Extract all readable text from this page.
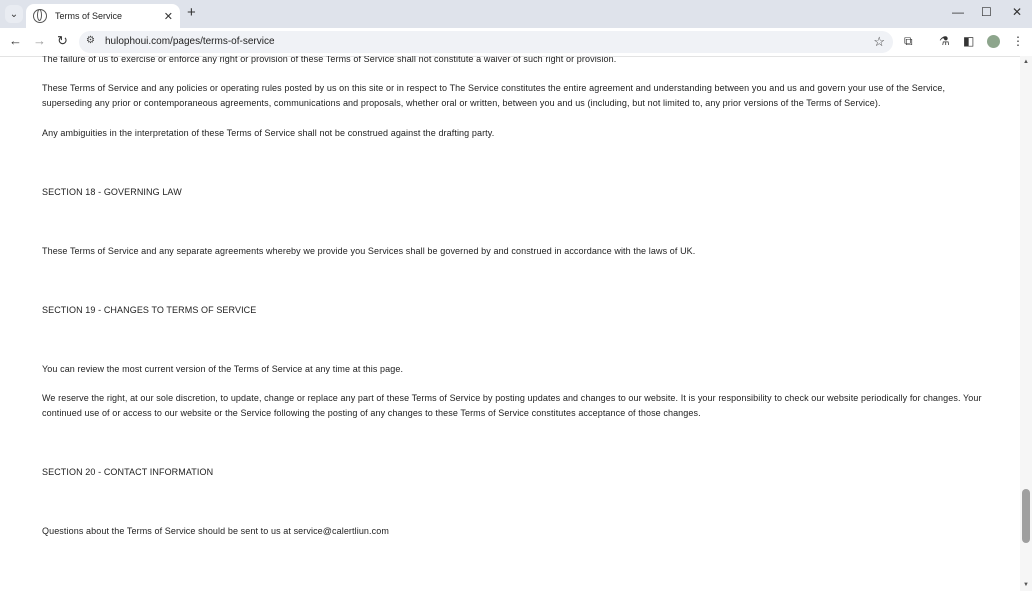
⌄	Terms of Service	✕ +	— ☐ ✕
← → ↻ ⚙ hulophoui.com/pages/terms-of-service	☆ ⧉ ⚗ ◧	⋮

The failure of us to exercise or enforce any right or provision of these Terms of Service shall not constitute a waiver of such right or provision.

These Terms of Service and any policies or operating rules posted by us on this site or in respect to The Service constitutes the entire agreement and understanding between you and us and govern your use of the Service, superseding any prior or contemporaneous agreements, communications and proposals, whether oral or written, between you and us (including, but not limited to, any prior versions of the Terms of Service).

Any ambiguities in the interpretation of these Terms of Service shall not be construed against the drafting party.

SECTION 18 - GOVERNING LAW

These Terms of Service and any separate agreements whereby we provide you Services shall be governed by and construed in accordance with the laws of UK.

SECTION 19 - CHANGES TO TERMS OF SERVICE

You can review the most current version of the Terms of Service at any time at this page.

We reserve the right, at our sole discretion, to update, change or replace any part of these Terms of Service by posting updates and changes to our website. It is your responsibility to check our website periodically for changes. Your continued use of or access to our website or the Service following the posting of any changes to these Terms of Service constitutes acceptance of those changes.

SECTION 20 - CONTACT INFORMATION

Questions about the Terms of Service should be sent to us at service@calertliun.com

▲
▼
